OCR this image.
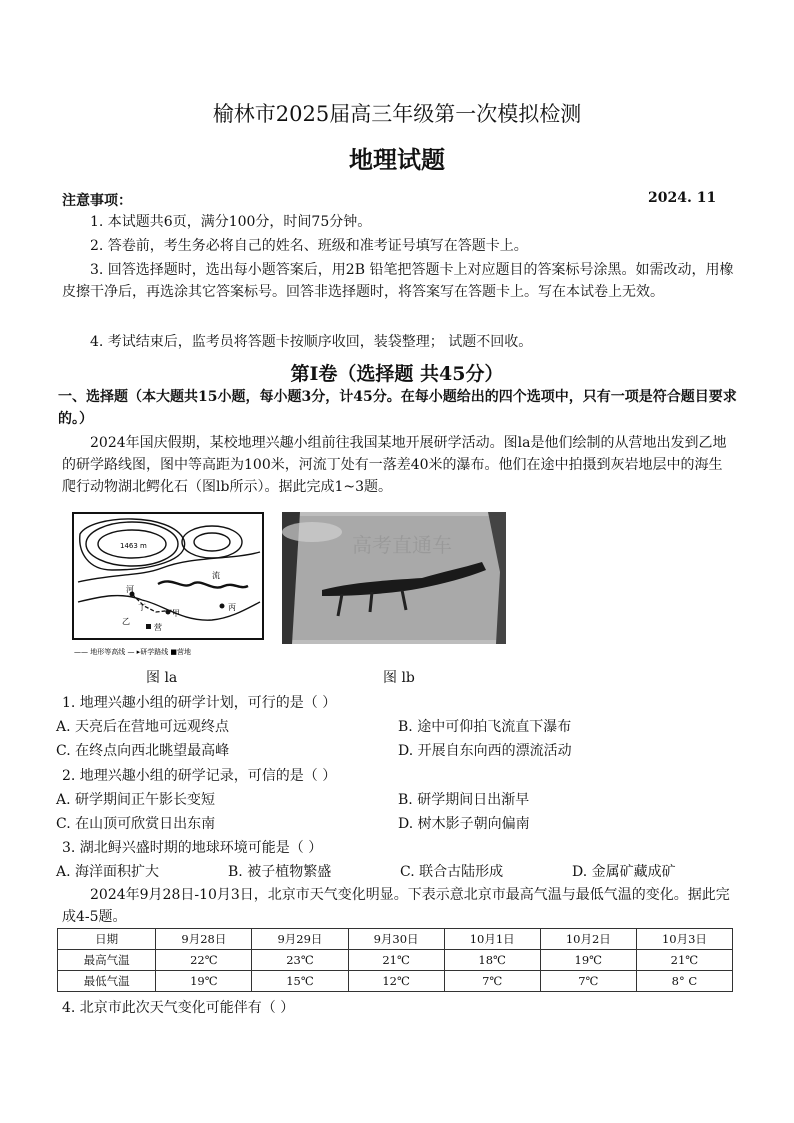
榆林市2025届高三年级第一次模拟检测
地理试题
注意事项：	2024. 11
1. 本试题共6页，满分100分，时间75分钟。
2. 答卷前，考生务必将自己的姓名、班级和准考证号填写在答题卡上。
3. 回答选择题时，选出每小题答案后，用2B 铅笔把答题卡上对应题目的答案标号涂黑。如需改动，用橡皮擦干净后，再选涂其它答案标号。回答非选择题时，将答案写在答题卡上。写在本试卷上无效。
4. 考试结束后，监考员将答题卡按顺序收回，装袋整理； 试题不回收。
第Ⅰ卷（选择题 共45分）
一、选择题（本大题共15小题，每小题3分，计45分。在每小题给出的四个选项中，只有一项是符合题目要求的。）
2024年国庆假期，某校地理兴趣小组前往我国某地开展研学活动。图la是他们绘制的从营地出发到乙地的研学路线图，图中等高距为100米，河流丁处有一落差40米的瀑布。他们在途中拍摄到灰岩地层中的海生爬行动物湖北鳄化石（图lb所示）。据此完成1~3题。
1463 m
河
流
丁
甲
丙
乙
营
—— 地形等高线 — ▸研学路线 ■营地
高考直通车
图 la	图 lb
1. 地理兴趣小组的研学计划，可行的是（ ）
A. 天亮后在营地可远观终点	B. 途中可仰拍飞流直下瀑布
C. 在终点向西北眺望最高峰	D. 开展自东向西的漂流活动
2. 地理兴趣小组的研学记录，可信的是（ ）
A. 研学期间正午影长变短	B. 研学期间日出渐早
C. 在山顶可欣赏日出东南	D. 树木影子朝向偏南
3. 湖北鲟兴盛时期的地球环境可能是（ ）
A. 海洋面积扩大	B. 被子植物繁盛	C. 联合古陆形成	D. 金属矿藏成矿
2024年9月28日-10月3日，北京市天气变化明显。下表示意北京市最高气温与最低气温的变化。据此完成4-5题。
日期	9月28日	9月29日	9月30日	10月1日	10月2日	10月3日
最高气温	22℃	23℃	21℃	18℃	19℃	21℃
最低气温	19℃	15℃	12℃	7℃	7℃	8° C
4. 北京市此次天气变化可能伴有（ ）
